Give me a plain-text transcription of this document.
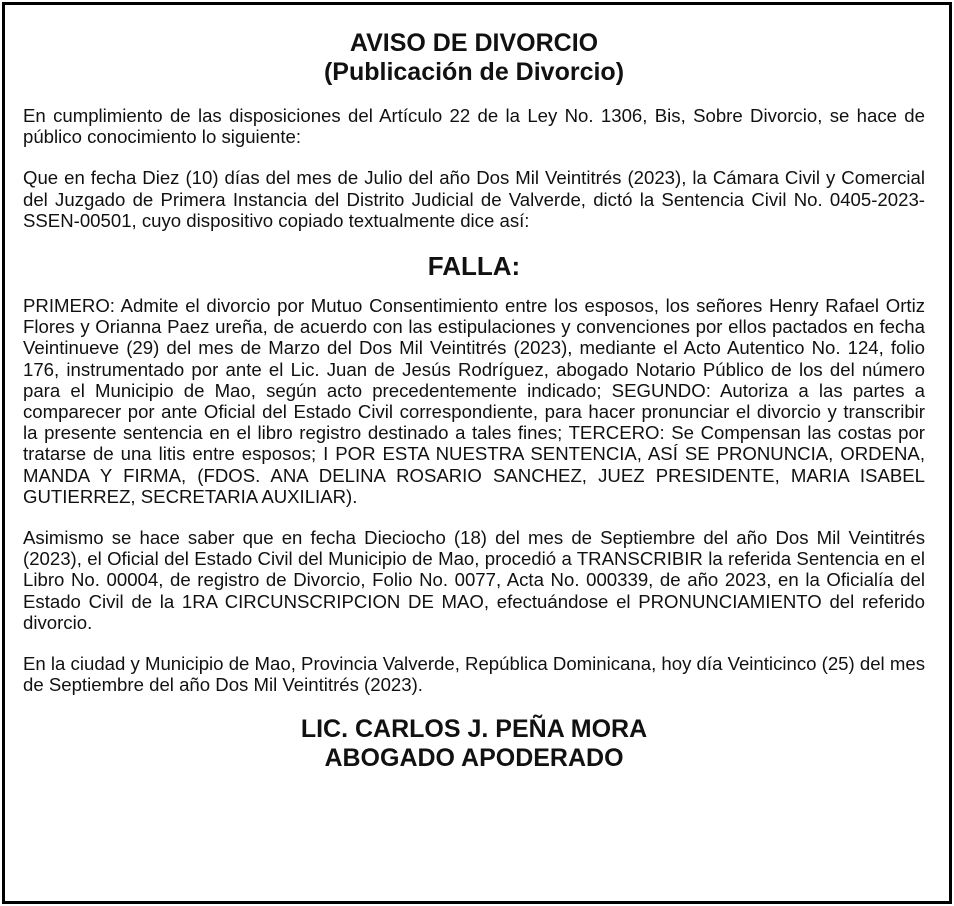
AVISO DE DIVORCIO
(Publicación de Divorcio)

En cumplimiento de las disposiciones del Artículo 22 de la Ley No. 1306, Bis, Sobre Divorcio, se hace de público conocimiento lo siguiente:

Que en fecha Diez (10) días del mes de Julio del año Dos Mil Veintitrés (2023), la Cámara Civil y Comercial del Juzgado de Primera Instancia del Distrito Judicial de Valverde, dictó la Sentencia Civil No. 0405-2023-SSEN-00501, cuyo dispositivo copiado textualmente dice así:

FALLA:

PRIMERO: Admite el divorcio por Mutuo Consentimiento entre los esposos, los señores Henry Rafael Ortiz Flores y Orianna Paez ureña, de acuerdo con las estipulaciones y convenciones por ellos pactados en fecha Veintinueve (29) del mes de Marzo del Dos Mil Veintitrés (2023), mediante el Acto Autentico No. 124, folio 176, instrumentado por ante el Lic. Juan de Jesús Rodríguez, abogado Notario Público de los del número para el Municipio de Mao, según acto precedentemente indicado; SEGUNDO: Autoriza a las partes a comparecer por ante Oficial del Estado Civil correspondiente, para hacer pronunciar el divorcio y transcribir la presente sentencia en el libro registro destinado a tales fines; TERCERO: Se Compensan las costas por tratarse de una litis entre esposos; I POR ESTA NUESTRA SENTENCIA, ASÍ SE PRONUNCIA, ORDENA, MANDA Y FIRMA, (FDOS. ANA DELINA ROSARIO SANCHEZ, JUEZ PRESIDENTE, MARIA ISABEL GUTIERREZ, SECRETARIA AUXILIAR).

Asimismo se hace saber que en fecha Dieciocho (18) del mes de Septiembre del año Dos Mil Veintitrés (2023), el Oficial del Estado Civil del Municipio de Mao, procedió a TRANSCRIBIR la referida Sentencia en el Libro No. 00004, de registro de Divorcio, Folio No. 0077, Acta No. 000339, de año 2023, en la Oficialía del Estado Civil de la 1RA CIRCUNSCRIPCION DE MAO, efectuándose el PRONUNCIAMIENTO del referido divorcio.

En la ciudad y Municipio de Mao, Provincia Valverde, República Dominicana, hoy día Veinticinco (25) del mes de Septiembre del año Dos Mil Veintitrés (2023).

LIC. CARLOS J. PEÑA MORA
ABOGADO APODERADO
